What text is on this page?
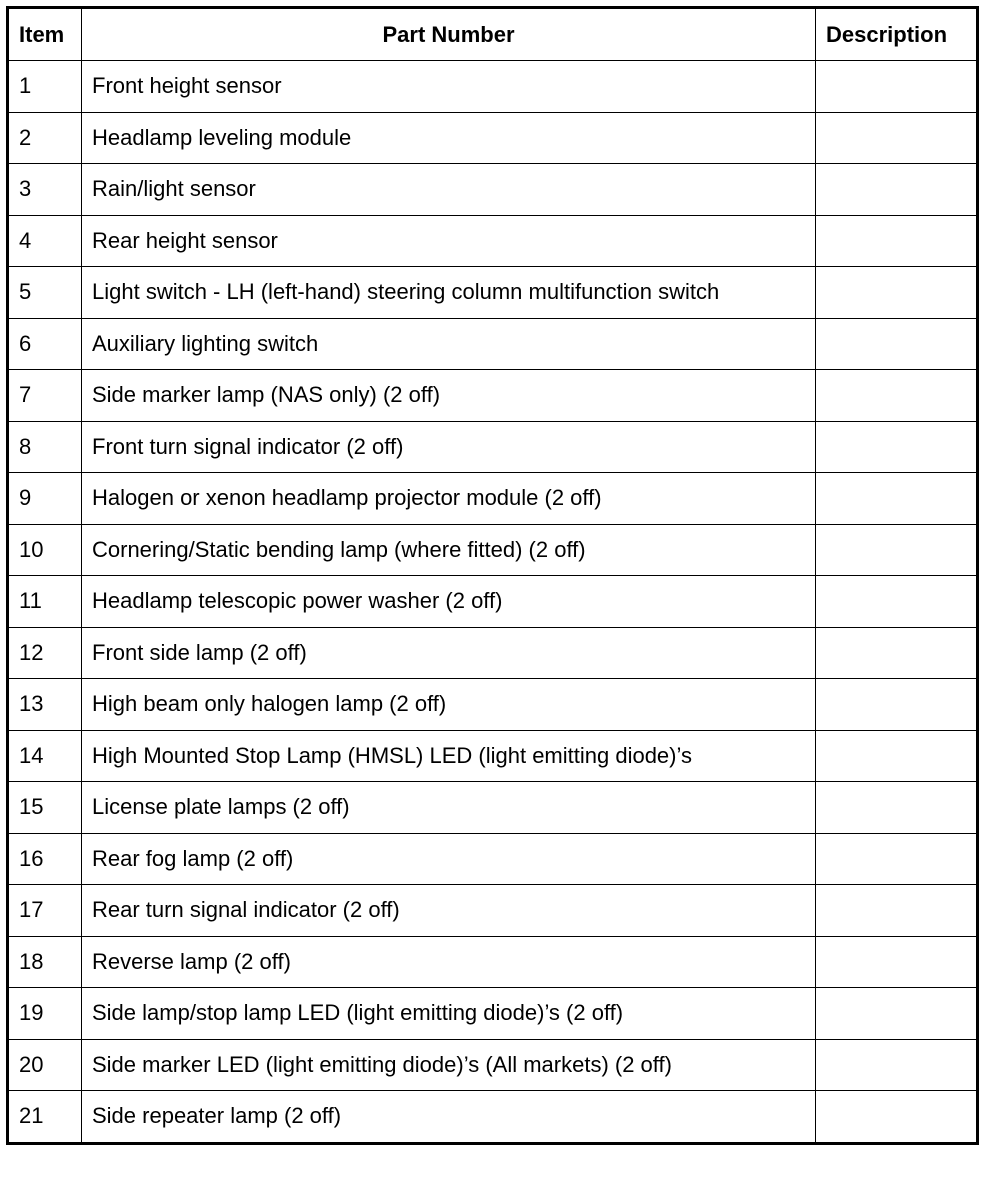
Item	Part Number	Description
1	Front height sensor	
2	Headlamp leveling module	
3	Rain/light sensor	
4	Rear height sensor	
5	Light switch - LH (left-hand) steering column multifunction switch	
6	Auxiliary lighting switch	
7	Side marker lamp (NAS only) (2 off)	
8	Front turn signal indicator (2 off)	
9	Halogen or xenon headlamp projector module (2 off)	
10	Cornering/Static bending lamp (where fitted) (2 off)	
11	Headlamp telescopic power washer (2 off)	
12	Front side lamp (2 off)	
13	High beam only halogen lamp (2 off)	
14	High Mounted Stop Lamp (HMSL) LED (light emitting diode)’s	
15	License plate lamps (2 off)	
16	Rear fog lamp (2 off)	
17	Rear turn signal indicator (2 off)	
18	Reverse lamp (2 off)	
19	Side lamp/stop lamp LED (light emitting diode)’s (2 off)	
20	Side marker LED (light emitting diode)’s (All markets) (2 off)	
21	Side repeater lamp (2 off)	
